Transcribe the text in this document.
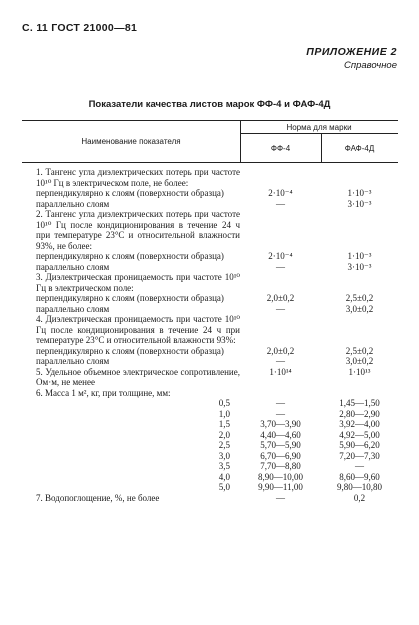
С. 11 ГОСТ 21000—81
ПРИЛОЖЕНИЕ 2
Справочное
Показатели качества листов марок ФФ-4 и ФАФ-4Д
Наименование показателя
Норма для марки
ФФ-4	ФАФ-4Д
1. Тангенс угла диэлектрических потерь при частоте 10¹⁰ Гц в электрическом поле, не более:
перпендикулярно к слоям (поверхности образца)	2·10⁻⁴	1·10⁻³
параллельно слоям	—	3·10⁻³
2. Тангенс угла диэлектрических потерь при частоте 10¹⁰ Гц после кондиционирования в течение 24 ч при температуре 23°С и относительной влажности 93%, не более:
перпендикулярно к слоям (поверхности образца)	2·10⁻⁴	1·10⁻³
параллельно слоям	—	3·10⁻³
3. Диэлектрическая проницаемость при частоте 10¹⁰ Гц в электрическом поле:
перпендикулярно к слоям (поверхности образца)	2,0±0,2	2,5±0,2
параллельно слоям	—	3,0±0,2
4. Диэлектрическая проницаемость при частоте 10¹⁰ Гц после кондиционирования в течение 24 ч при температуре 23°С и относительной влажности 93%:
перпендикулярно к слоям (поверхности образца)	2,0±0,2	2,5±0,2
параллельно слоям	—	3,0±0,2
5. Удельное объемное электрическое сопротивление, Ом·м, не менее
1·10¹⁴	1·10¹³
6. Масса 1 м², кг, при толщине, мм:
0,5	—	1,45—1,50
1,0	—	2,80—2,90
1,5	3,70—3,90	3,92—4,00
2,0	4,40—4,60	4,92—5,00
2,5	5,70—5,90	5,90—6,20
3,0	6,70—6,90	7,20—7,30
3,5	7,70—8,80	—
4,0	8,90—10,00	8,60—9,60
5,0	9,90—11,00	9,80—10,80
7. Водопоглощение, %, не более	—	0,2
